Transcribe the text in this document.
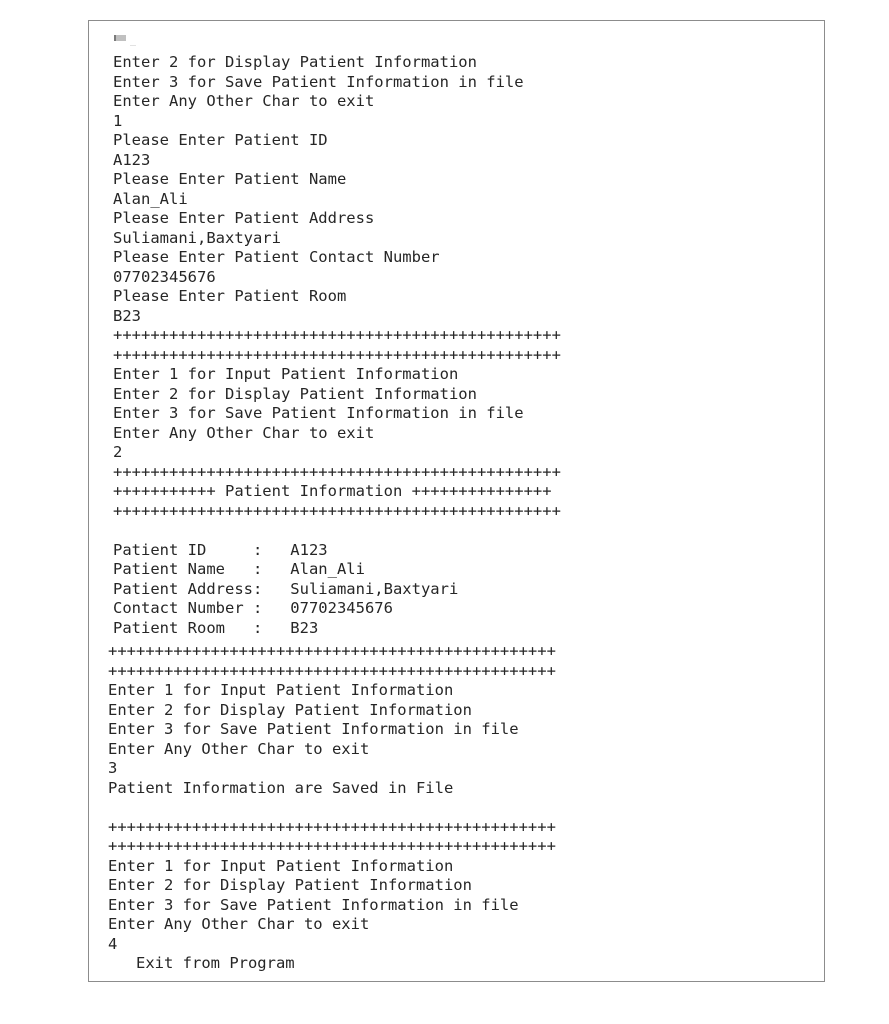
Enter 2 for Display Patient Information
Enter 3 for Save Patient Information in file
Enter Any Other Char to exit
1
Please Enter Patient ID
A123
Please Enter Patient Name
Alan_Ali
Please Enter Patient Address
Suliamani,Baxtyari
Please Enter Patient Contact Number
07702345676
Please Enter Patient Room
B23
++++++++++++++++++++++++++++++++++++++++++++++++
++++++++++++++++++++++++++++++++++++++++++++++++
Enter 1 for Input Patient Information
Enter 2 for Display Patient Information
Enter 3 for Save Patient Information in file
Enter Any Other Char to exit
2
++++++++++++++++++++++++++++++++++++++++++++++++
+++++++++++ Patient Information +++++++++++++++
++++++++++++++++++++++++++++++++++++++++++++++++

Patient ID     :   A123
Patient Name   :   Alan_Ali
Patient Address:   Suliamani,Baxtyari
Contact Number :   07702345676
Patient Room   :   B23
++++++++++++++++++++++++++++++++++++++++++++++++
++++++++++++++++++++++++++++++++++++++++++++++++
Enter 1 for Input Patient Information
Enter 2 for Display Patient Information
Enter 3 for Save Patient Information in file
Enter Any Other Char to exit
3
Patient Information are Saved in File

++++++++++++++++++++++++++++++++++++++++++++++++
++++++++++++++++++++++++++++++++++++++++++++++++
Enter 1 for Input Patient Information
Enter 2 for Display Patient Information
Enter 3 for Save Patient Information in file
Enter Any Other Char to exit
4
Exit from Program
